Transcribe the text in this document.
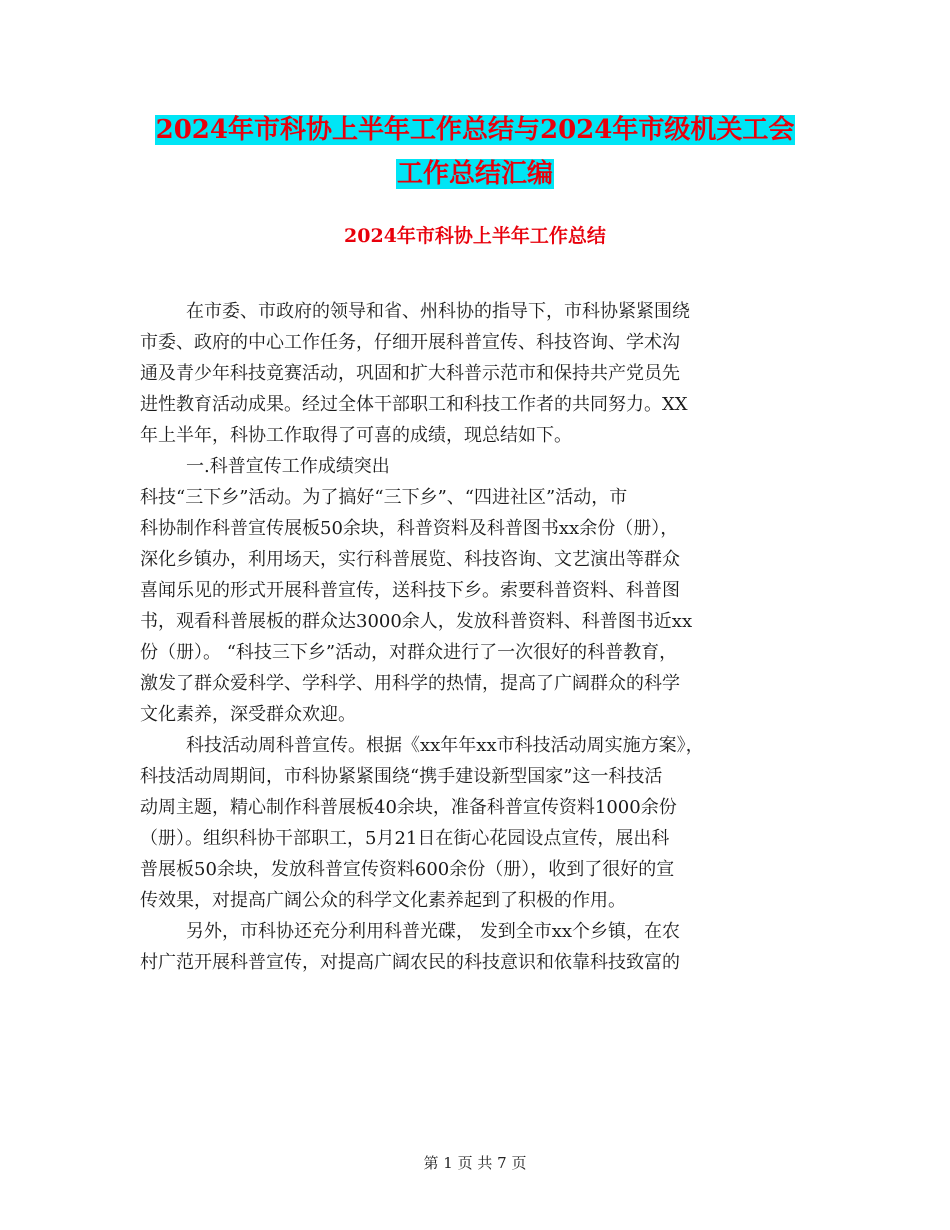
2024年市科协上半年工作总结与2024年市级机关工会
工作总结汇编
2024年市科协上半年工作总结
在市委、市政府的领导和省、州科协的指导下，市科协紧紧围绕
市委、政府的中心工作任务，仔细开展科普宣传、科技咨询、学术沟
通及青少年科技竟赛活动，巩固和扩大科普示范市和保持共产党员先
进性教育活动成果。经过全体干部职工和科技工作者的共同努力。XX
年上半年，科协工作取得了可喜的成绩，现总结如下。
一.科普宣传工作成绩突出
科技“三下乡”活动。为了搞好“三下乡”、“四进社区”活动，市
科协制作科普宣传展板50余块，科普资料及科普图书xx余份（册），
深化乡镇办，利用场天，实行科普展览、科技咨询、文艺演出等群众
喜闻乐见的形式开展科普宣传，送科技下乡。索要科普资料、科普图
书，观看科普展板的群众达3000余人，发放科普资料、科普图书近xx
份（册）。 “科技三下乡”活动，对群众进行了一次很好的科普教育，
激发了群众爱科学、学科学、用科学的热情，提高了广阔群众的科学
文化素养，深受群众欢迎。
科技活动周科普宣传。根据《xx年年xx市科技活动周实施方案》，
科技活动周期间，市科协紧紧围绕“携手建设新型国家”这一科技活
动周主题，精心制作科普展板40余块，准备科普宣传资料1000余份
（册）。组织科协干部职工，5月21日在街心花园设点宣传，展出科
普展板50余块，发放科普宣传资料600余份（册），收到了很好的宣
传效果，对提高广阔公众的科学文化素养起到了积极的作用。
另外，市科协还充分利用科普光碟， 发到全市xx个乡镇，在农
村广范开展科普宣传，对提高广阔农民的科技意识和依靠科技致富的
第 1 页 共 7 页
